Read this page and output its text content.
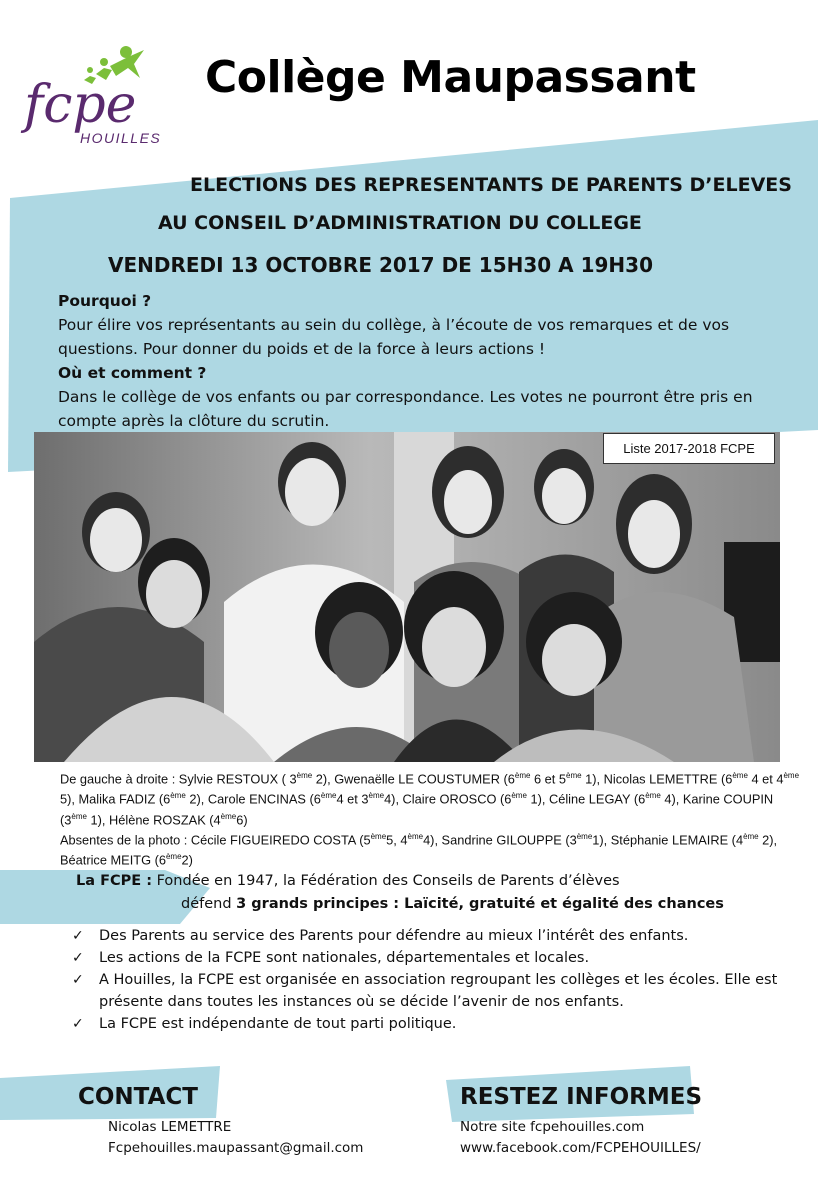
fcpe
HOUILLES
Collège Maupassant
ELECTIONS DES REPRESENTANTS DE PARENTS D’ELEVES
AU CONSEIL D’ADMINISTRATION DU COLLEGE
VENDREDI 13 OCTOBRE 2017 DE 15H30 A 19H30
Pourquoi ?
Pour élire vos représentants au sein du collège, à l’écoute de vos remarques et de vos questions. Pour donner du poids et de la force à leurs actions !
Où et comment ?
Dans le collège de vos enfants ou par correspondance. Les votes ne pourront être pris en compte après la clôture du scrutin.
Liste 2017-2018 FCPE
De gauche à droite : Sylvie RESTOUX ( 3ème 2), Gwenaëlle LE COUSTUMER (6ème 6 et 5ème 1), Nicolas LEMETTRE (6ème 4 et 4ème 5), Malika FADIZ (6ème 2), Carole ENCINAS (6ème4 et 3ème4), Claire OROSCO (6ème 1), Céline LEGAY (6ème 4), Karine COUPIN (3ème 1), Hélène ROSZAK (4ème6)
Absentes de la photo : Cécile FIGUEIREDO COSTA (5ème5, 4ème4), Sandrine GILOUPPE (3ème1), Stéphanie LEMAIRE (4ème 2), Béatrice MEITG (6ème2)
La FCPE : Fondée en 1947, la Fédération des Conseils de Parents d’élèves
défend 3 grands principes : Laïcité, gratuité et égalité des chances
✓ Des Parents au service des Parents pour défendre au mieux l’intérêt des enfants.
✓ Les actions de la FCPE sont nationales, départementales et locales.
✓ A Houilles, la FCPE est organisée en association regroupant les collèges et les écoles. Elle est présente dans toutes les instances où se décide l’avenir de nos enfants.
✓ La FCPE est indépendante de tout parti politique.
CONTACT
Nicolas LEMETTRE
Fcpehouilles.maupassant@gmail.com
RESTEZ INFORMES
Notre site fcpehouilles.com
www.facebook.com/FCPEHOUILLES/
